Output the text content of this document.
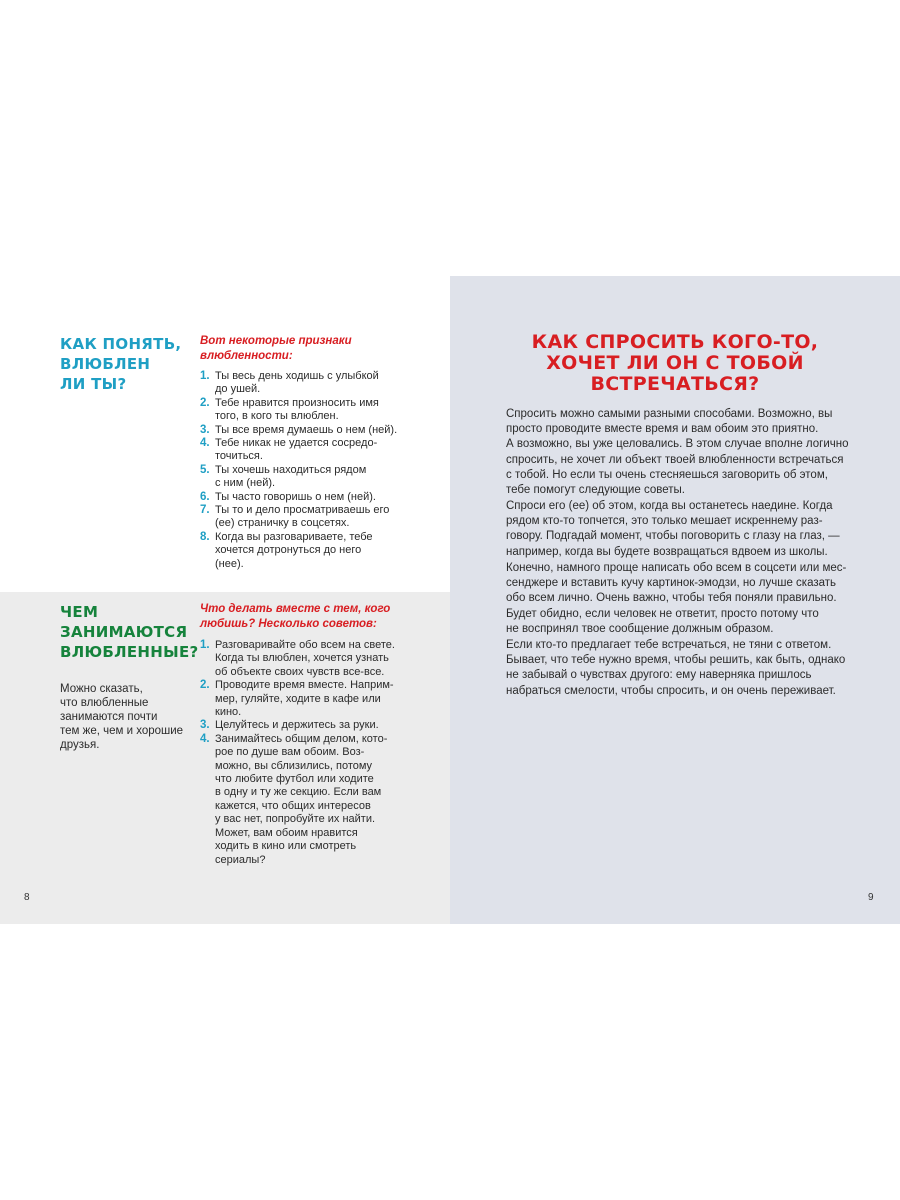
КАК ПОНЯТЬ,
ВЛЮБЛЕН
ЛИ ТЫ?
Вот некоторые признаки
влюбленности:
1. Ты весь день ходишь с улыбкой
до ушей.
2. Тебе нравится произносить имя
того, в кого ты влюблен.
3. Ты все время думаешь о нем (ней).
4. Тебе никак не удается сосредо-
точиться.
5. Ты хочешь находиться рядом
с ним (ней).
6. Ты часто говоришь о нем (ней).
7. Ты то и дело просматриваешь его
(ее) страничку в соцсетях.
8. Когда вы разговариваете, тебе
хочется дотронуться до него
(нее).
ЧЕМ
ЗАНИМАЮТСЯ
ВЛЮБЛЕННЫЕ?
Можно сказать,
что влюбленные
занимаются почти
тем же, чем и хорошие
друзья.
Что делать вместе с тем, кого
любишь? Несколько советов:
1. Разговаривайте обо всем на свете.
Когда ты влюблен, хочется узнать
об объекте своих чувств все-все.
2. Проводите время вместе. Наприм-
мер, гуляйте, ходите в кафе или
кино.
3. Целуйтесь и держитесь за руки.
4. Занимайтесь общим делом, кото-
рое по душе вам обоим. Воз-
можно, вы сблизились, потому
что любите футбол или ходите
в одну и ту же секцию. Если вам
кажется, что общих интересов
у вас нет, попробуйте их найти.
Может, вам обоим нравится
ходить в кино или смотреть
сериалы?
8
КАК СПРОСИТЬ КОГО-ТО,
ХОЧЕТ ЛИ ОН С ТОБОЙ
ВСТРЕЧАТЬСЯ?
Спросить можно самыми разными способами. Возможно, вы
просто проводите вместе время и вам обоим это приятно.
А возможно, вы уже целовались. В этом случае вполне логично
спросить, не хочет ли объект твоей влюбленности встречаться
с тобой. Но если ты очень стесняешься заговорить об этом,
тебе помогут следующие советы.
Спроси его (ее) об этом, когда вы останетесь наедине. Когда
рядом кто-то топчется, это только мешает искреннему раз-
говору. Подгадай момент, чтобы поговорить с глазу на глаз, —
например, когда вы будете возвращаться вдвоем из школы.
Конечно, намного проще написать обо всем в соцсети или мес-
сенджере и вставить кучу картинок-эмодзи, но лучше сказать
обо всем лично. Очень важно, чтобы тебя поняли правильно.
Будет обидно, если человек не ответит, просто потому что
не воспринял твое сообщение должным образом.
Если кто-то предлагает тебе встречаться, не тяни с ответом.
Бывает, что тебе нужно время, чтобы решить, как быть, однако
не забывай о чувствах другого: ему наверняка пришлось
набраться смелости, чтобы спросить, и он очень переживает.
9
